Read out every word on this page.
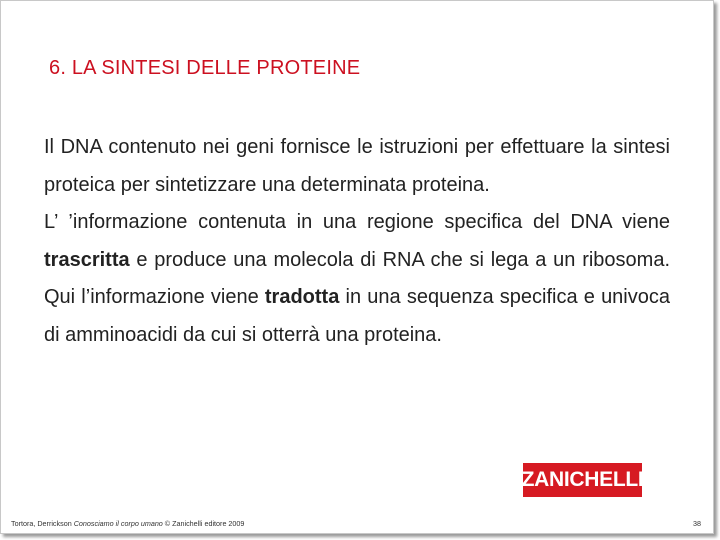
6. LA SINTESI DELLE PROTEINE

Il DNA contenuto nei geni fornisce le istruzioni per effettuare la sintesi proteica per sintetizzare una determinata proteina.

L’ ’informazione contenuta in una regione specifica del DNA viene trascritta e produce una molecola di RNA che si lega a un ribosoma. Qui l’informazione viene tradotta in una sequenza specifica e univoca di amminoacidi da cui si otterrà una proteina.

ZANICHELLI
Tortora, Derrickson Conosciamo il corpo umano © Zanichelli editore 2009	38
